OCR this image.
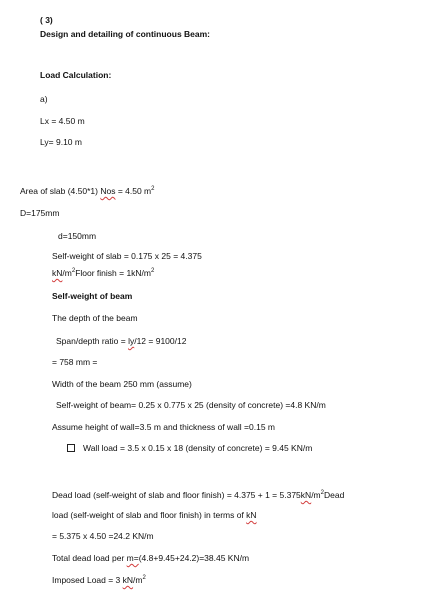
( 3)
Design and detailing of continuous Beam:
Load Calculation:
a)
Lx = 4.50 m
Ly= 9.10 m
Area of slab (4.50*1) Nos = 4.50 $m^2$
D=175mm
d=150mm
Self-weight of slab = 0.175 x 25 = 4.375
$kN/m^2Floor$ finish = $1kN/m^2$
Self-weight of beam
The depth of the beam
Span/depth ratio = ly/12 = 9100/12
= 758 mm =
Width of the beam 250 mm (assume)
Self-weight of beam= 0.25 x 0.775 x 25 (density of concrete) =4.8 KN/m
Assume height of wall=3.5 m and thickness of wall =0.15 m
Wall load = 3.5 x 0.15 x 18 (density of concrete) = 9.45 KN/m
Dead load (self-weight of slab and floor finish) = $4.375 + 1 = 5.375kN/m^2Dead$
load (self-weight of slab and floor finish) in terms of kN
= 5.375 x 4.50 =24.2 KN/m
Total dead load per m=(4.8+9.45+24.2)=38.45 KN/m
Imposed Load = 3 $kN/m^2$
